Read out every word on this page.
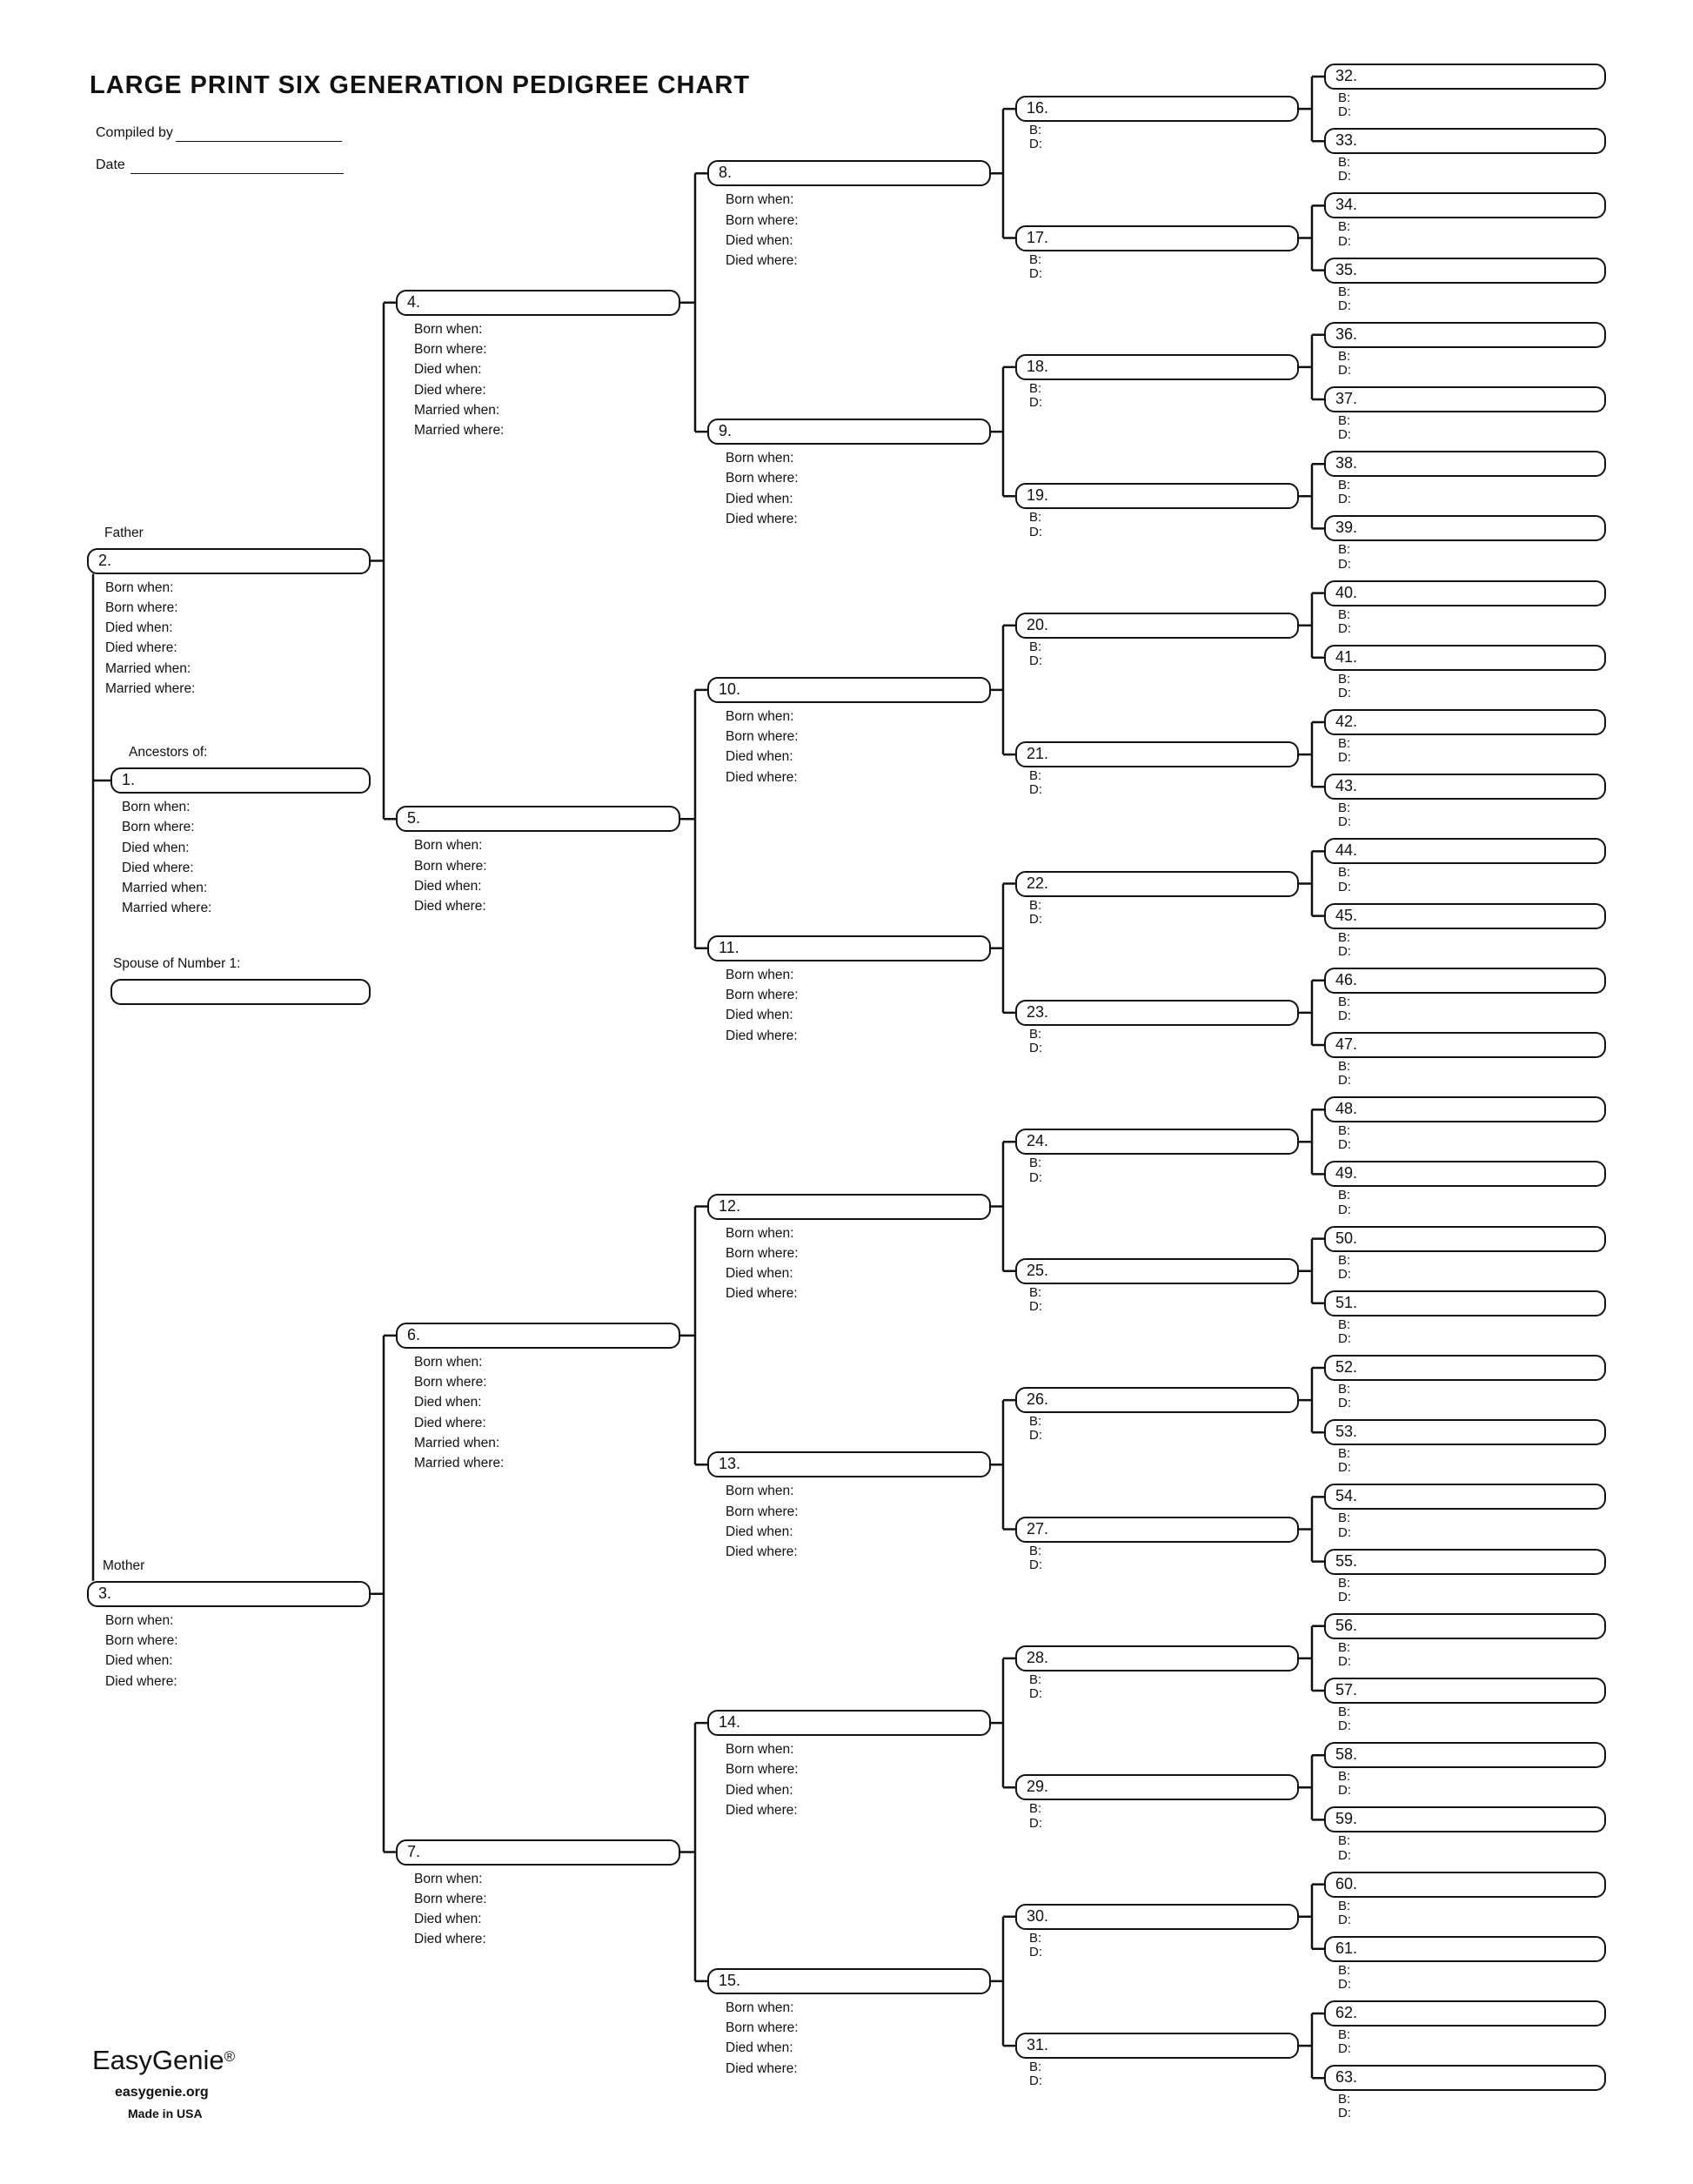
LARGE PRINT SIX GENERATION PEDIGREE CHART
Compiled by
Date
1.
Ancestors of:
Born when:
Born where:
Died when:
Died where:
Married when:
Married where:
2.
Father
Born when:
Born where:
Died when:
Died where:
Married when:
Married where:
3.
Mother
Born when:
Born where:
Died when:
Died where:
4.
Born when:
Born where:
Died when:
Died where:
Married when:
Married where:
5.
Born when:
Born where:
Died when:
Died where:
6.
Born when:
Born where:
Died when:
Died where:
Married when:
Married where:
7.
Born when:
Born where:
Died when:
Died where:
8.
Born when:
Born where:
Died when:
Died where:
9.
Born when:
Born where:
Died when:
Died where:
10.
Born when:
Born where:
Died when:
Died where:
11.
Born when:
Born where:
Died when:
Died where:
12.
Born when:
Born where:
Died when:
Died where:
13.
Born when:
Born where:
Died when:
Died where:
14.
Born when:
Born where:
Died when:
Died where:
15.
Born when:
Born where:
Died when:
Died where:
16.
B:
D:
17.
B:
D:
18.
B:
D:
19.
B:
D:
20.
B:
D:
21.
B:
D:
22.
B:
D:
23.
B:
D:
24.
B:
D:
25.
B:
D:
26.
B:
D:
27.
B:
D:
28.
B:
D:
29.
B:
D:
30.
B:
D:
31.
B:
D:
32.
B:
D:
33.
B:
D:
34.
B:
D:
35.
B:
D:
36.
B:
D:
37.
B:
D:
38.
B:
D:
39.
B:
D:
40.
B:
D:
41.
B:
D:
42.
B:
D:
43.
B:
D:
44.
B:
D:
45.
B:
D:
46.
B:
D:
47.
B:
D:
48.
B:
D:
49.
B:
D:
50.
B:
D:
51.
B:
D:
52.
B:
D:
53.
B:
D:
54.
B:
D:
55.
B:
D:
56.
B:
D:
57.
B:
D:
58.
B:
D:
59.
B:
D:
60.
B:
D:
61.
B:
D:
62.
B:
D:
63.
B:
D:
Spouse of Number 1:
EasyGenie®
easygenie.org
Made in USA
